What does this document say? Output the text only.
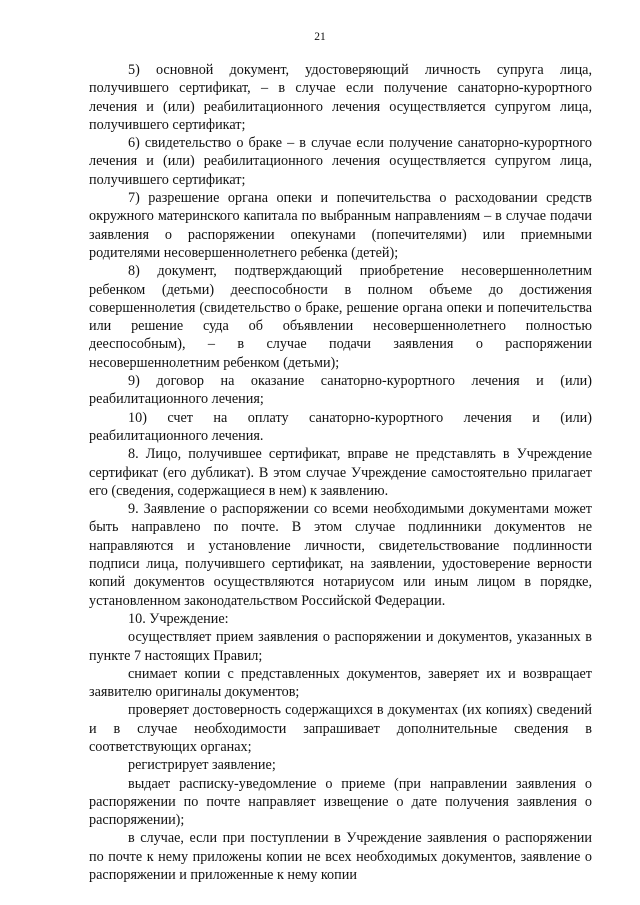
21

5) основной документ, удостоверяющий личность супруга лица, получившего сертификат, – в случае если получение санаторно-курортного лечения и (или) реабилитационного лечения осуществляется супругом лица, получившего сертификат;

6) свидетельство о браке – в случае если получение санаторно-курортного лечения и (или) реабилитационного лечения осуществляется супругом лица, получившего сертификат;

7) разрешение органа опеки и попечительства о расходовании средств окружного материнского капитала по выбранным направлениям – в случае подачи заявления о распоряжении опекунами (попечителями) или приемными родителями несовершеннолетнего ребенка (детей);

8) документ, подтверждающий приобретение несовершеннолетним ребенком (детьми) дееспособности в полном объеме до достижения совершеннолетия (свидетельство о браке, решение органа опеки и попечительства или решение суда об объявлении несовершеннолетнего полностью дееспособным), – в случае подачи заявления о распоряжении несовершеннолетним ребенком (детьми);

9) договор на оказание санаторно-курортного лечения и (или) реабилитационного лечения;

10) счет на оплату санаторно-курортного лечения и (или) реабилитационного лечения.

8. Лицо, получившее сертификат, вправе не представлять в Учреждение сертификат (его дубликат). В этом случае Учреждение самостоятельно прилагает его (сведения, содержащиеся в нем) к заявлению.

9. Заявление о распоряжении со всеми необходимыми документами может быть направлено по почте. В этом случае подлинники документов не направляются и установление личности, свидетельствование подлинности подписи лица, получившего сертификат, на заявлении, удостоверение верности копий документов осуществляются нотариусом или иным лицом в порядке, установленном законодательством Российской Федерации.

10. Учреждение:

осуществляет прием заявления о распоряжении и документов, указанных в пункте 7 настоящих Правил;

снимает копии с представленных документов, заверяет их и возвращает заявителю оригиналы документов;

проверяет достоверность содержащихся в документах (их копиях) сведений и в случае необходимости запрашивает дополнительные сведения в соответствующих органах;

регистрирует заявление;

выдает расписку-уведомление о приеме (при направлении заявления о распоряжении по почте направляет извещение о дате получения заявления о распоряжении);

в случае, если при поступлении в Учреждение заявления о распоряжении по почте к нему приложены копии не всех необходимых документов, заявление о распоряжении и приложенные к нему копии
